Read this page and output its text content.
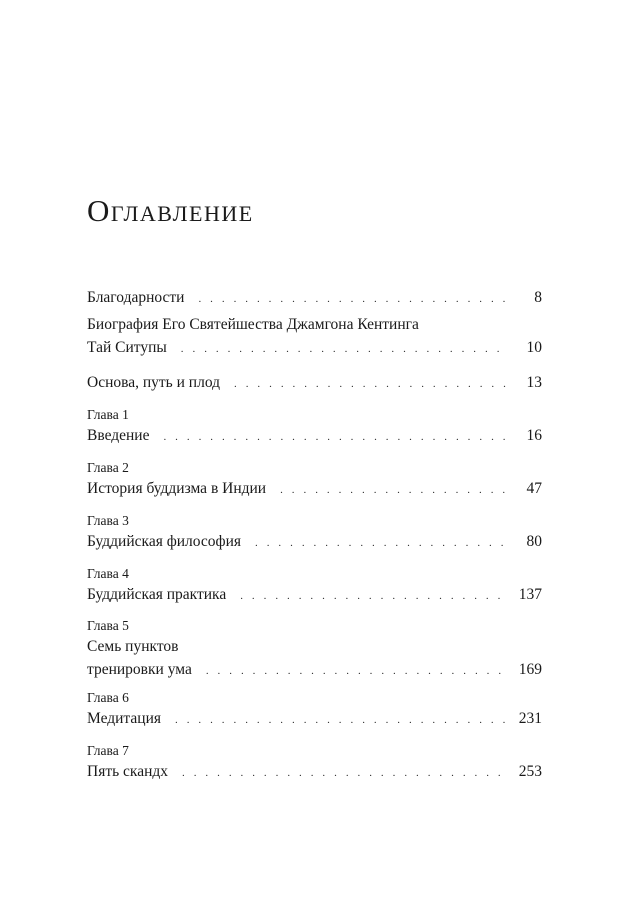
Оглавление
Благодарности . . .	8
Биография Его Святейшества Джамгона Кентинга
Тай Ситупы . . .	10
Основа, путь и плод . . .	13
Глава 1
Введение . . .	16
Глава 2
История буддизма в Индии . . .	47
Глава 3
Буддийская философия . . .	80
Глава 4
Буддийская практика . . .	137
Глава 5
Семь пунктов
тренировки ума . . .	169
Глава 6
Медитация . . .	231
Глава 7
Пять скандх . . .	253
